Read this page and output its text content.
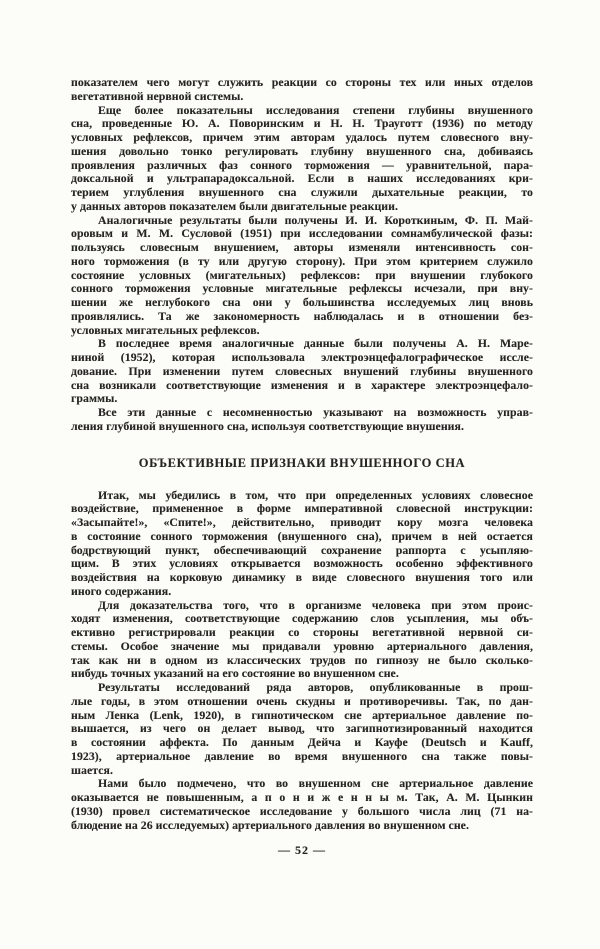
показателем чего могут служить реакции со стороны тех или иных отделов
вегетативной нервной системы.

Еще более показательны исследования степени глубины внушенного
сна, проведенные Ю. А. Поворинским и Н. Н. Трауготт (1936) по методу
условных рефлексов, причем этим авторам удалось путем словесного вну-
шения довольно тонко регулировать глубину внушенного сна, добиваясь
проявления различных фаз сонного торможения — уравнительной, пара-
доксальной и ультрапарадоксальной. Если в наших исследованиях кри-
терием углубления внушенного сна служили дыхательные реакции, то
у данных авторов показателем были двигательные реакции.

Аналогичные результаты были получены И. И. Короткиным, Ф. П. Май-
оровым и М. М. Сусловой (1951) при исследовании сомнамбулической фазы:
пользуясь словесным внушением, авторы изменяли интенсивность сон-
ного торможения (в ту или другую сторону). При этом критерием служило
состояние условных (мигательных) рефлексов: при внушении глубокого
сонного торможения условные мигательные рефлексы исчезали, при вну-
шении же неглубокого сна они у большинства исследуемых лиц вновь
проявлялись. Та же закономерность наблюдалась и в отношении без-
условных мигательных рефлексов.

В последнее время аналогичные данные были получены А. Н. Маре-
ниной (1952), которая использовала электроэнцефалографическое иссле-
дование. При изменении путем словесных внушений глубины внушенного
сна возникали соответствующие изменения и в характере электроэнцефало-
граммы.

Все эти данные с несомненностью указывают на возможность управ-
ления глубиной внушенного сна, используя соответствующие внушения.

ОБЪЕКТИВНЫЕ ПРИЗНАКИ ВНУШЕННОГО СНА

Итак, мы убедились в том, что при определенных условиях словесное
воздействие, примененное в форме императивной словесной инструкции:
«Засыпайте!», «Спите!», действительно, приводит кору мозга человека
в состояние сонного торможения (внушенного сна), причем в ней остается
бодрствующий пункт, обеспечивающий сохранение раппорта с усыпляю-
щим. В этих условиях открывается возможность особенно эффективного
воздействия на корковую динамику в виде словесного внушения того или
иного содержания.

Для доказательства того, что в организме человека при этом проис-
ходят изменения, соответствующие содержанию слов усыпления, мы объ-
ективно регистрировали реакции со стороны вегетативной нервной си-
стемы. Особое значение мы придавали уровню артериального давления,
так как ни в одном из классических трудов по гипнозу не было сколько-
нибудь точных указаний на его состояние во внушенном сне.

Результаты исследований ряда авторов, опубликованные в прош-
лые годы, в этом отношении очень скудны и противоречивы. Так, по дан-
ным Ленка (Lenk, 1920), в гипнотическом сне артериальное давление по-
вышается, из чего он делает вывод, что загипнотизированный находится
в состоянии аффекта. По данным Дейча и Кауфе (Deutsch и Kauff,
1923), артериальное давление во время внушенного сна также повы-
шается.

Нами было подмечено, что во внушенном сне артериальное давление
оказывается не повышенным, а п о н и ж е н н ы м. Так, А. М. Цынкин
(1930) провел систематическое исследование у большого числа лиц (71 на-
блюдение на 26 исследуемых) артериального давления во внушенном сне.

— 52 —
